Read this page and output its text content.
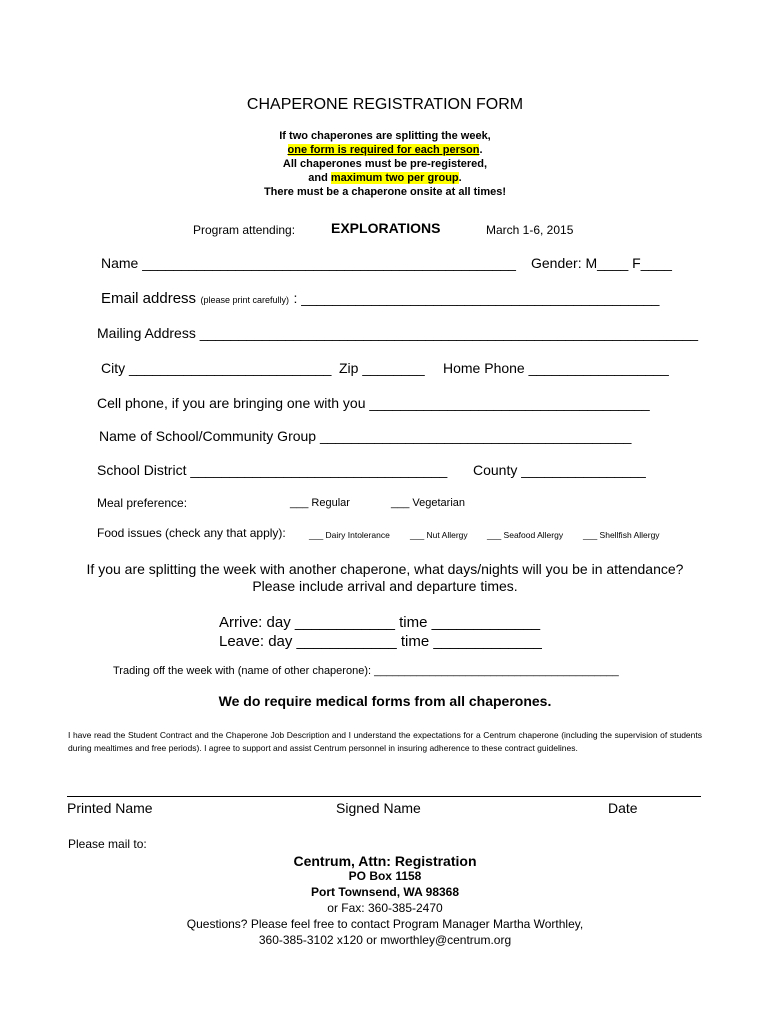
CHAPERONE REGISTRATION FORM
If two chaperones are splitting the week,
one form is required for each person.
All chaperones must be pre-registered,
and maximum two per group.
There must be a chaperone onsite at all times!
Program attending:	EXPLORATIONS	March 1-6, 2015
Name ________________________________________________ Gender: M____ F____
Email address (please print carefully) : ______________________________________________
Mailing Address ________________________________________________________________
City __________________________ Zip ________ Home Phone __________________
Cell phone, if you are bringing one with you ____________________________________
Name of School/Community Group ________________________________________
School District _________________________________ County ________________
Meal preference:	___ Regular	___ Vegetarian
Food issues (check any that apply):	___ Dairy Intolerance ___ Nut Allergy ___ Seafood Allergy ___ Shellfish Allergy
If you are splitting the week with another chaperone, what days/nights will you be in attendance?
Please include arrival and departure times.
Arrive: day ____________ time _____________
Leave: day ____________ time _____________
Trading off the week with (name of other chaperone): ________________________________________
We do require medical forms from all chaperones.
I have read the Student Contract and the Chaperone Job Description and I understand the expectations for a Centrum chaperone (including the supervision of students during mealtimes and free periods). I agree to support and assist Centrum personnel in insuring adherence to these contract guidelines.
Printed Name	Signed Name	Date
Please mail to:
Centrum, Attn: Registration
PO Box 1158
Port Townsend, WA 98368
or Fax: 360-385-2470
Questions? Please feel free to contact Program Manager Martha Worthley,
360-385-3102 x120 or mworthley@centrum.org
